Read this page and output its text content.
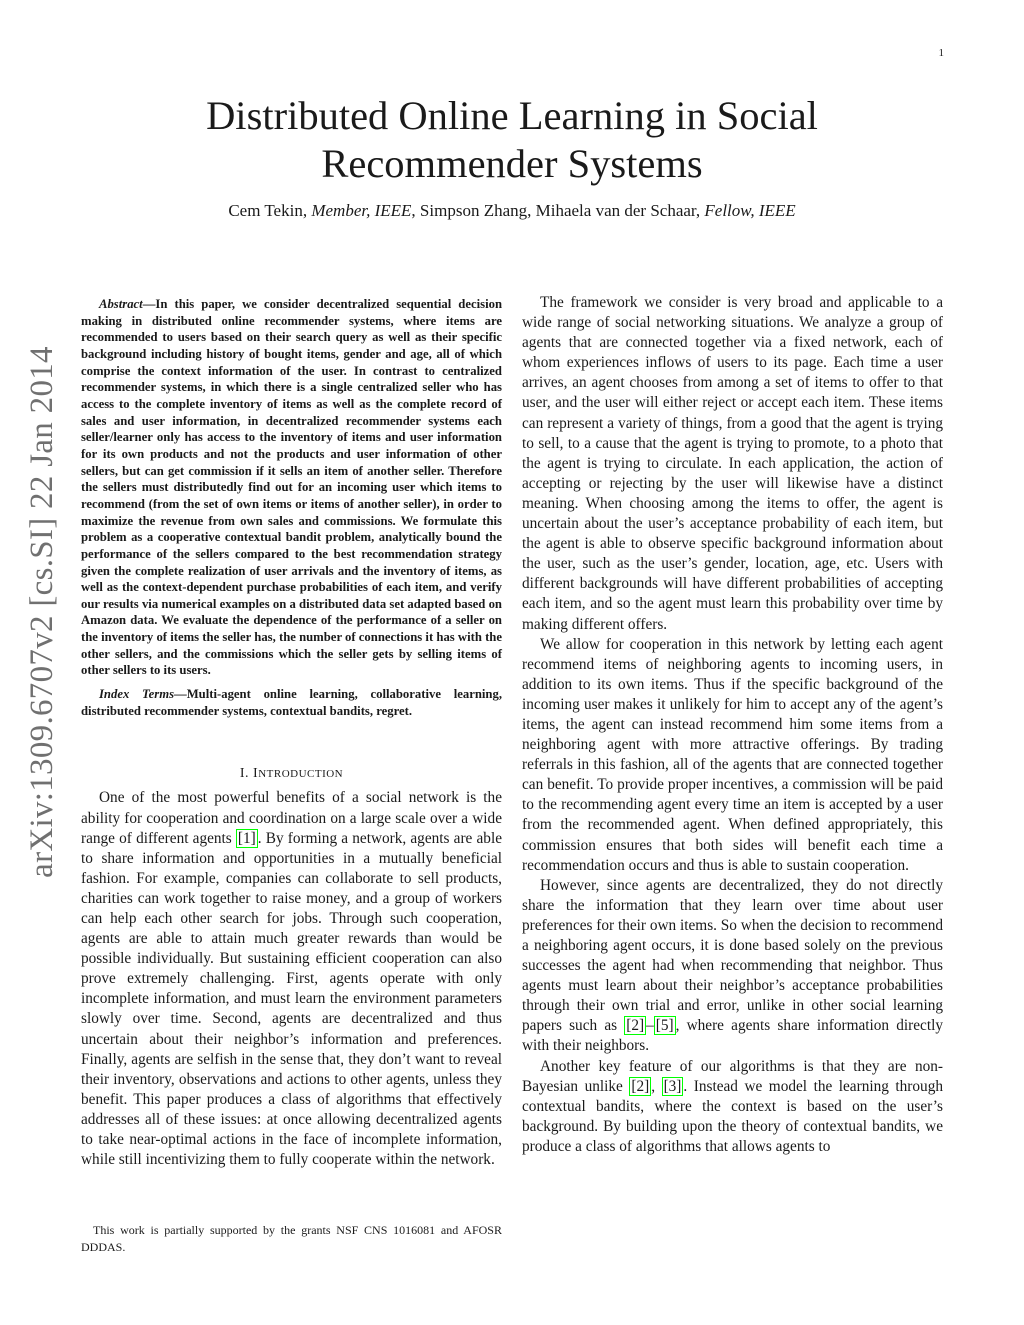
1
arXiv:1309.6707v2 [cs.SI] 22 Jan 2014
Distributed Online Learning in Social Recommender Systems
Cem Tekin, Member, IEEE, Simpson Zhang, Mihaela van der Schaar, Fellow, IEEE

Abstract—In this paper, we consider decentralized sequential decision making in distributed online recommender systems, where items are recommended to users based on their search query as well as their specific background including history of bought items, gender and age, all of which comprise the context information of the user. In contrast to centralized recommender systems, in which there is a single centralized seller who has access to the complete inventory of items as well as the complete record of sales and user information, in decentralized recommender systems each seller/learner only has access to the inventory of items and user information for its own products and not the products and user information of other sellers, but can get commission if it sells an item of another seller. Therefore the sellers must distributedly find out for an incoming user which items to recommend (from the set of own items or items of another seller), in order to maximize the revenue from own sales and commissions. We formulate this problem as a cooperative contextual bandit problem, analytically bound the performance of the sellers compared to the best recommendation strategy given the complete realization of user arrivals and the inventory of items, as well as the context-dependent purchase probabilities of each item, and verify our results via numerical examples on a distributed data set adapted based on Amazon data. We evaluate the dependence of the performance of a seller on the inventory of items the seller has, the number of connections it has with the other sellers, and the commissions which the seller gets by selling items of other sellers to its users.

Index Terms—Multi-agent online learning, collaborative learning, distributed recommender systems, contextual bandits, regret.

I. INTRODUCTION

One of the most powerful benefits of a social network is the ability for cooperation and coordination on a large scale over a wide range of different agents [1] . By forming a network, agents are able to share information and opportunities in a mutually beneficial fashion. For example, companies can collaborate to sell products, charities can work together to raise money, and a group of workers can help each other search for jobs. Through such cooperation, agents are able to attain much greater rewards than would be possible individually. But sustaining efficient cooperation can also prove extremely challenging. First, agents operate with only incomplete information, and must learn the environment parameters slowly over time. Second, agents are decentralized and thus uncertain about their neighbor’s information and preferences. Finally, agents are selfish in the sense that, they don’t want to reveal their inventory, observations and actions to other agents, unless they benefit. This paper produces a class of algorithms that effectively addresses all of these issues: at once allowing decentralized agents to take near-optimal actions in the face of incomplete information, while still incentivizing them to fully cooperate within the network.

This work is partially supported by the grants NSF CNS 1016081 and AFOSR DDDAS.

The framework we consider is very broad and applicable to a wide range of social networking situations. We analyze a group of agents that are connected together via a fixed network, each of whom experiences inflows of users to its page. Each time a user arrives, an agent chooses from among a set of items to offer to that user, and the user will either reject or accept each item. These items can represent a variety of things, from a good that the agent is trying to sell, to a cause that the agent is trying to promote, to a photo that the agent is trying to circulate. In each application, the action of accepting or rejecting by the user will likewise have a distinct meaning. When choosing among the items to offer, the agent is uncertain about the user’s acceptance probability of each item, but the agent is able to observe specific background information about the user, such as the user’s gender, location, age, etc. Users with different backgrounds will have different probabilities of accepting each item, and so the agent must learn this probability over time by making different offers.

We allow for cooperation in this network by letting each agent recommend items of neighboring agents to incoming users, in addition to its own items. Thus if the specific background of the incoming user makes it unlikely for him to accept any of the agent’s items, the agent can instead recommend him some items from a neighboring agent with more attractive offerings. By trading referrals in this fashion, all of the agents that are connected together can benefit. To provide proper incentives, a commission will be paid to the recommending agent every time an item is accepted by a user from the recommended agent. When defined appropriately, this commission ensures that both sides will benefit each time a recommendation occurs and thus is able to sustain cooperation.

However, since agents are decentralized, they do not directly share the information that they learn over time about user preferences for their own items. So when the decision to recommend a neighboring agent occurs, it is done based solely on the previous successes the agent had when recommending that neighbor. Thus agents must learn about their neighbor’s acceptance probabilities through their own trial and error, unlike in other social learning papers such as [2] – [5] , where agents share information directly with their neighbors.

Another key feature of our algorithms is that they are non-Bayesian unlike [2] , [3] . Instead we model the learning through contextual bandits, where the context is based on the user’s background. By building upon the theory of contextual bandits, we produce a class of algorithms that allows agents to
